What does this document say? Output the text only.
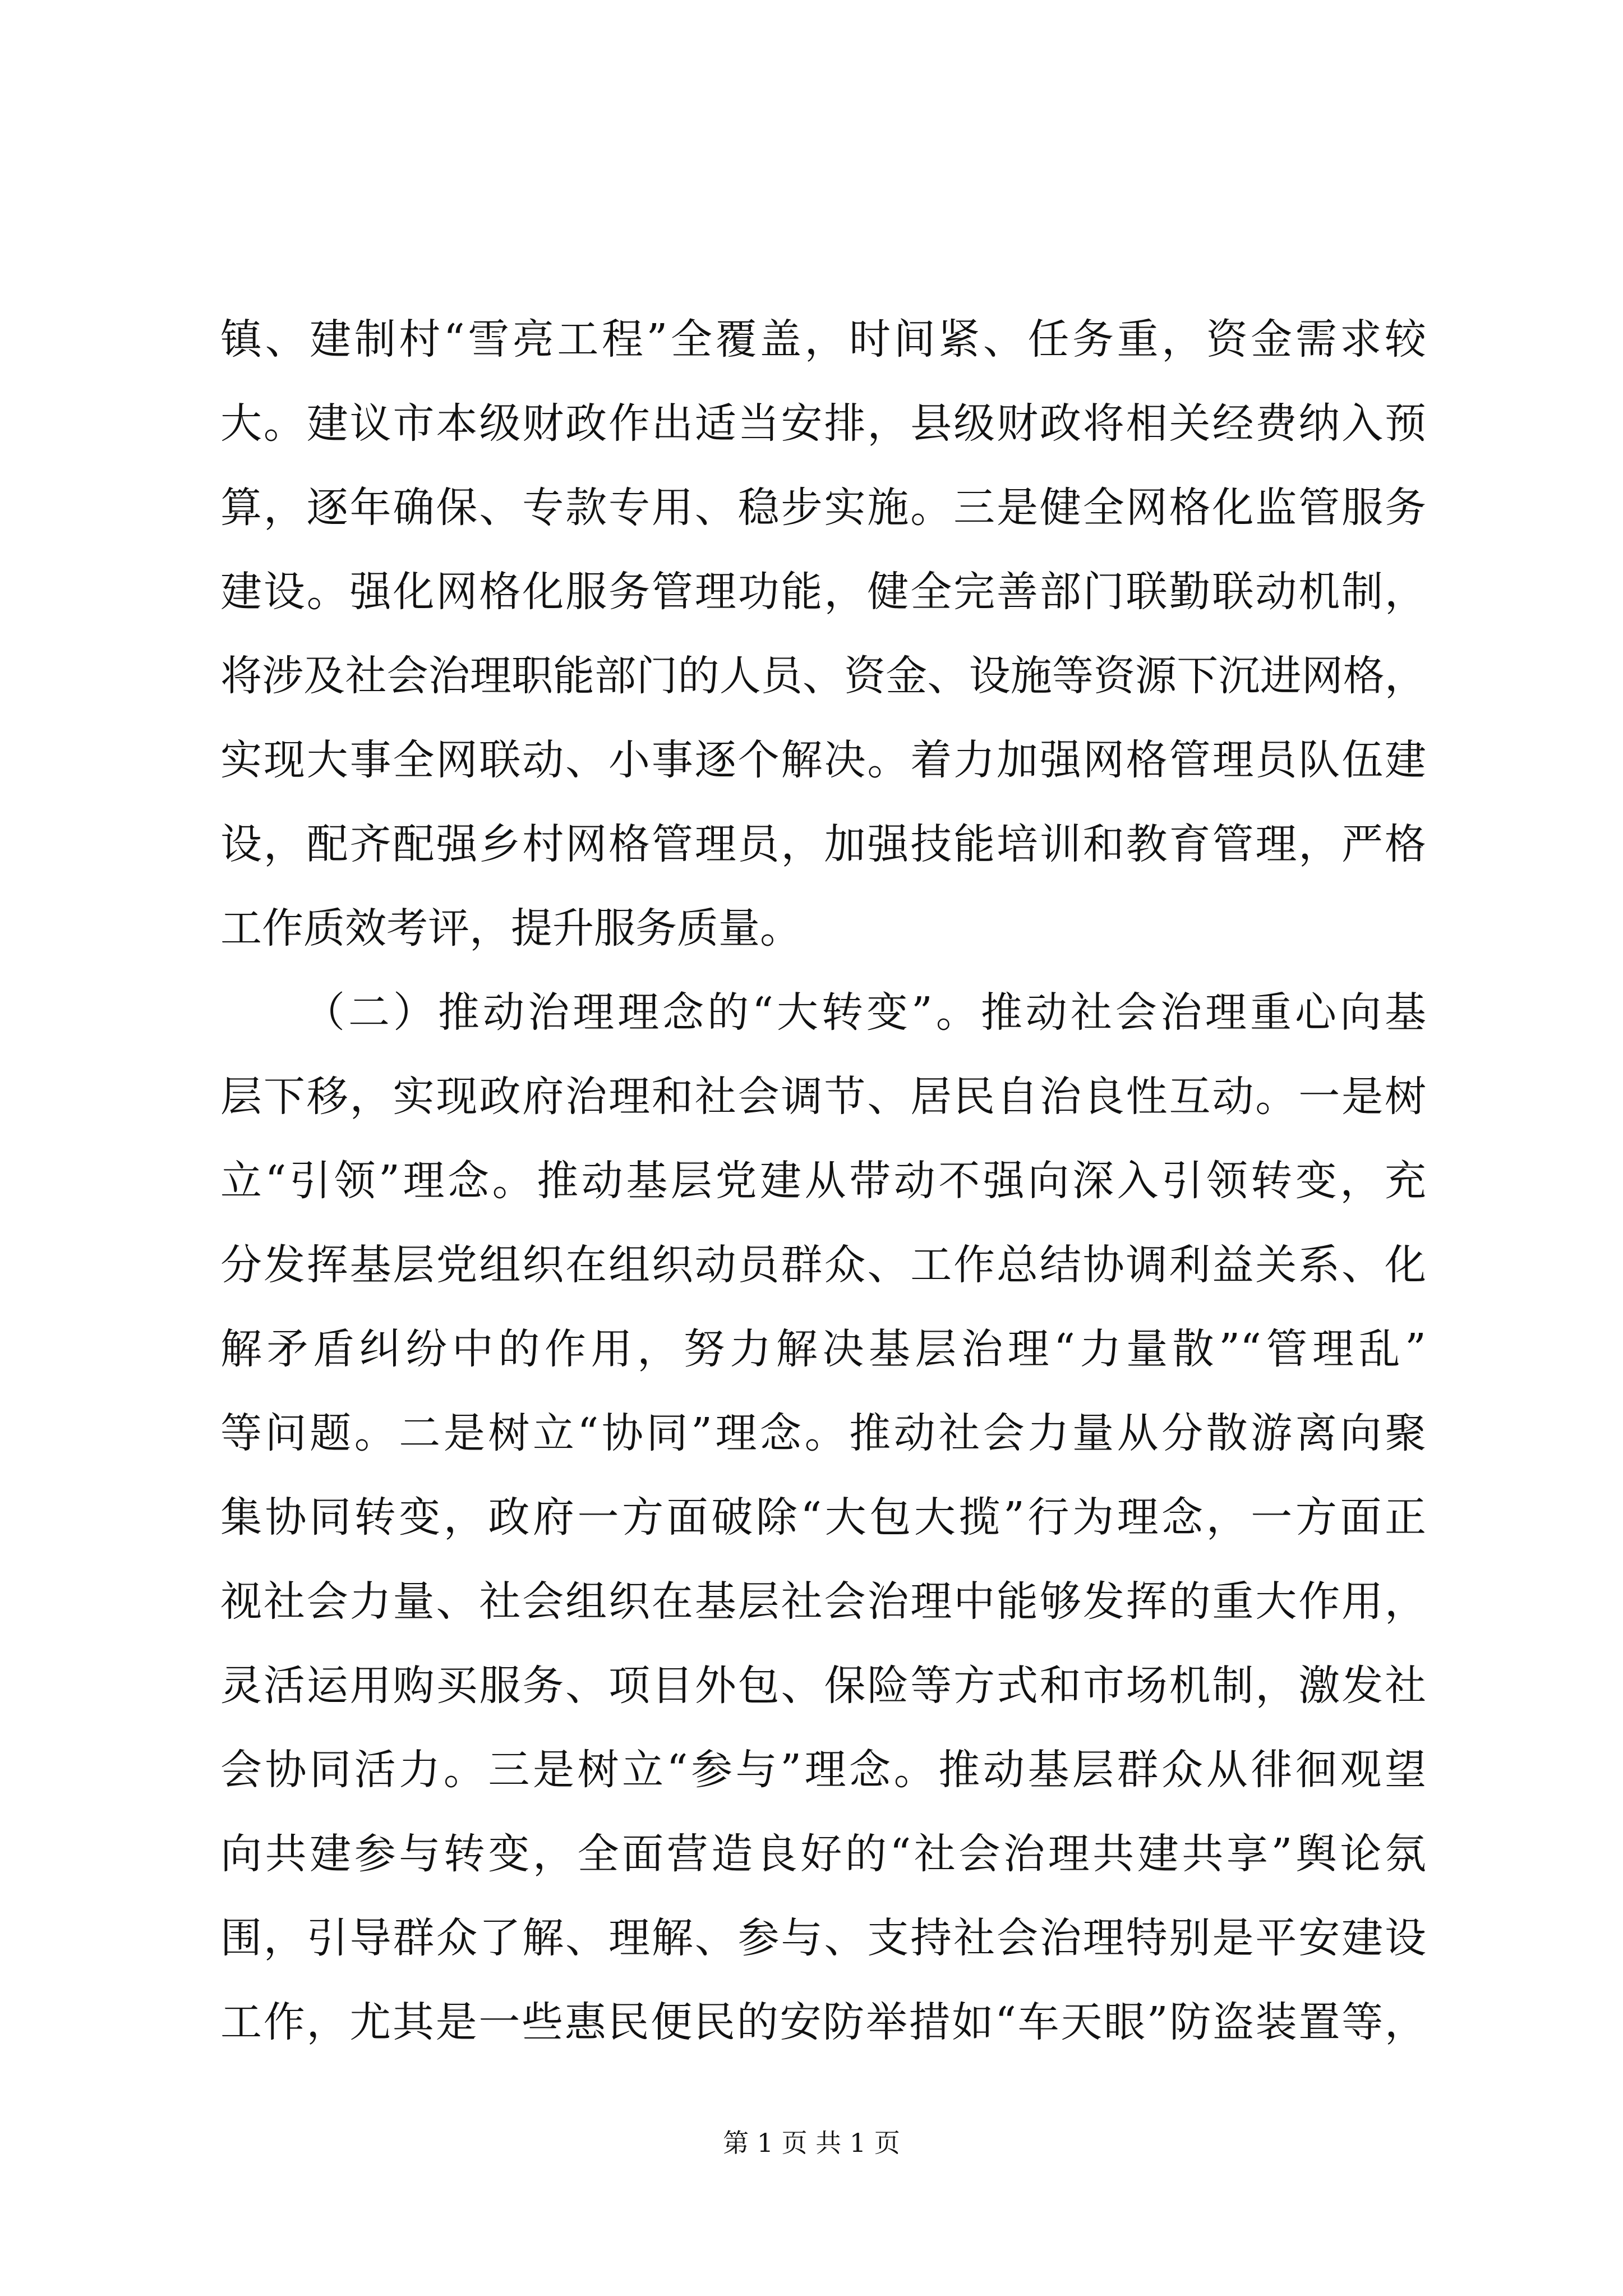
镇、建制村“雪亮工程”全覆盖，时间紧、任务重，资金需求较
大。建议市本级财政作出适当安排，县级财政将相关经费纳入预
算，逐年确保、专款专用、稳步实施。三是健全网格化监管服务
建设。强化网格化服务管理功能，健全完善部门联勤联动机制，
将涉及社会治理职能部门的人员、资金、设施等资源下沉进网格，
实现大事全网联动、小事逐个解决。着力加强网格管理员队伍建
设，配齐配强乡村网格管理员，加强技能培训和教育管理，严格
工作质效考评，提升服务质量。
（二）推动治理理念的“大转变”。推动社会治理重心向基
层下移，实现政府治理和社会调节、居民自治良性互动。一是树
立“引领”理念。推动基层党建从带动不强向深入引领转变，充
分发挥基层党组织在组织动员群众、工作总结协调利益关系、化
解矛盾纠纷中的作用，努力解决基层治理“力量散”“管理乱”
等问题。二是树立“协同”理念。推动社会力量从分散游离向聚
集协同转变，政府一方面破除“大包大揽”行为理念，一方面正
视社会力量、社会组织在基层社会治理中能够发挥的重大作用，
灵活运用购买服务、项目外包、保险等方式和市场机制，激发社
会协同活力。三是树立“参与”理念。推动基层群众从徘徊观望
向共建参与转变，全面营造良好的“社会治理共建共享”舆论氛
围，引导群众了解、理解、参与、支持社会治理特别是平安建设
工作，尤其是一些惠民便民的安防举措如“车天眼”防盗装置等，
第 1 页 共 1 页
